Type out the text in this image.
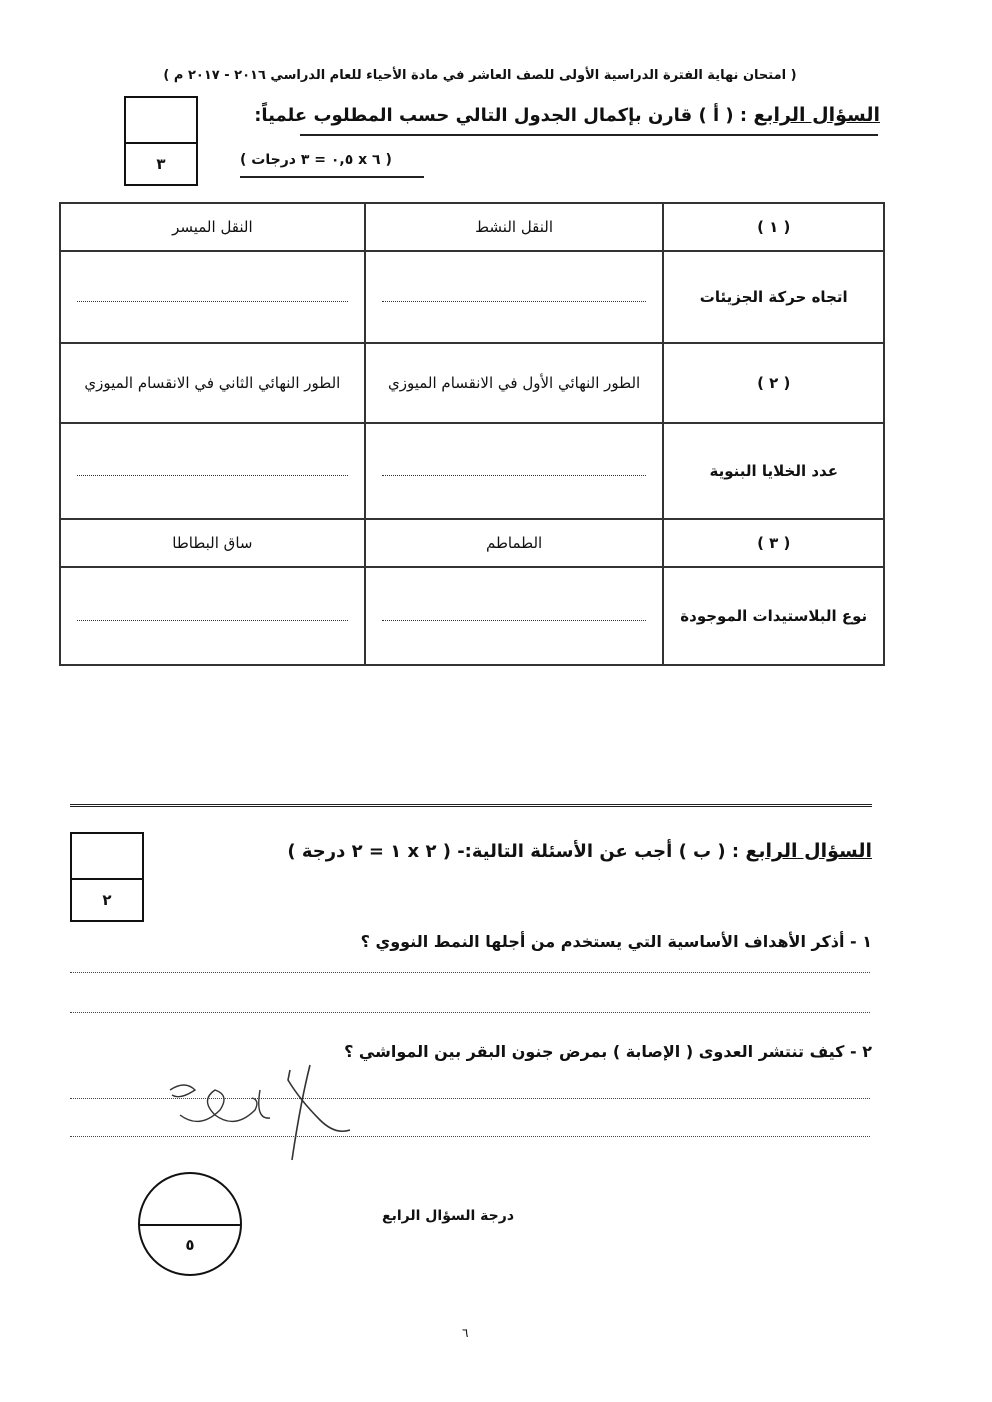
( امتحان نهاية الفترة الدراسية الأولى للصف العاشر في مادة الأحياء للعام الدراسي ٢٠١٦ - ٢٠١٧ م )
السؤال الرابع : ( أ ) قارن بإكمال الجدول التالي حسب المطلوب علمياً:
( ٦ x ٠,٥ = ٣ درجات )
٣
( ١ )	النقل النشط	النقل الميسر
اتجاه حركة الجزيئات	

( ٢ )	الطور النهائي الأول في الانقسام الميوزي	الطور النهائي الثاني في الانقسام الميوزي
عدد الخلايا البنوية	

( ٣ )	الطماطم	ساق البطاطا
نوع البلاستيدات الموجودة	

٢
السؤال الرابع : ( ب ) أجب عن الأسئلة التالية:- ( ٢ x ١ = ٢ درجة )
١ - أذكر الأهداف الأساسية التي يستخدم من أجلها النمط النووي ؟
٢ - كيف تنتشر العدوى ( الإصابة ) بمرض جنون البقر بين المواشي ؟
٥
درجة السؤال الرابع
٦
